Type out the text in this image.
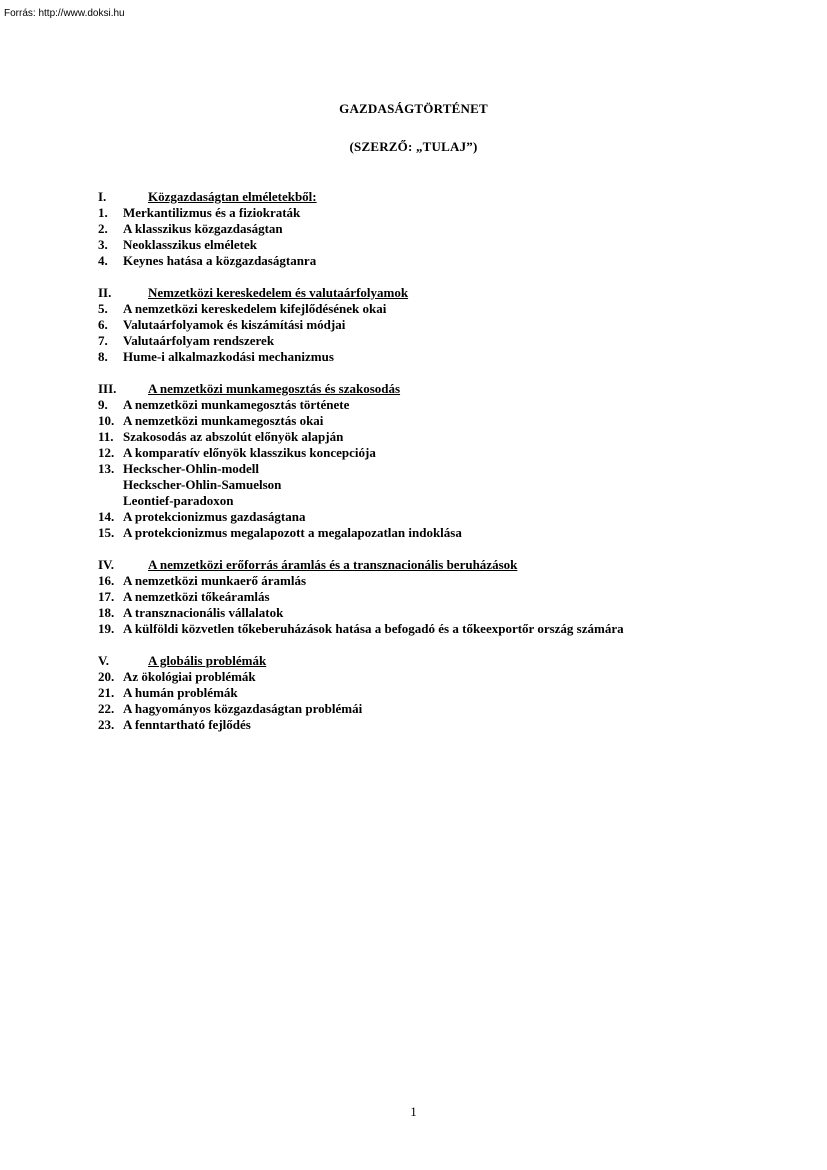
Forrás: http://www.doksi.hu
GAZDASÁGTÖRTÉNET
(SZERZŐ: „TULAJ”)
I.	Közgazdaságtan elméletekből:
1. Merkantilizmus és a fiziokraták
2. A klasszikus közgazdaságtan
3. Neoklasszikus elméletek
4. Keynes hatása a közgazdaságtanra
II.	Nemzetközi kereskedelem és valutaárfolyamok
5. A nemzetközi kereskedelem kifejlődésének okai
6. Valutaárfolyamok és kiszámítási módjai
7. Valutaárfolyam rendszerek
8. Hume-i alkalmazkodási mechanizmus
III. A nemzetközi munkamegosztás és szakosodás
9. A nemzetközi munkamegosztás története
10. A nemzetközi munkamegosztás okai
11. Szakosodás az abszolút előnyök alapján
12. A komparatív előnyök klasszikus koncepciója
13. Heckscher-Ohlin-modell
Heckscher-Ohlin-Samuelson
Leontief-paradoxon
14. A protekcionizmus gazdaságtana
15. A protekcionizmus megalapozott a megalapozatlan indoklása
IV.	A nemzetközi erőforrás áramlás és a transznacionális beruházások
16. A nemzetközi munkaerő áramlás
17. A nemzetközi tőkeáramlás
18. A transznacionális vállalatok
19. A külföldi közvetlen tőkeberuházások hatása a befogadó és a tőkeexportőr ország számára
V.	A globális problémák
20. Az ökológiai problémák
21. A humán problémák
22. A hagyományos közgazdaságtan problémái
23. A fenntartható fejlődés
1
